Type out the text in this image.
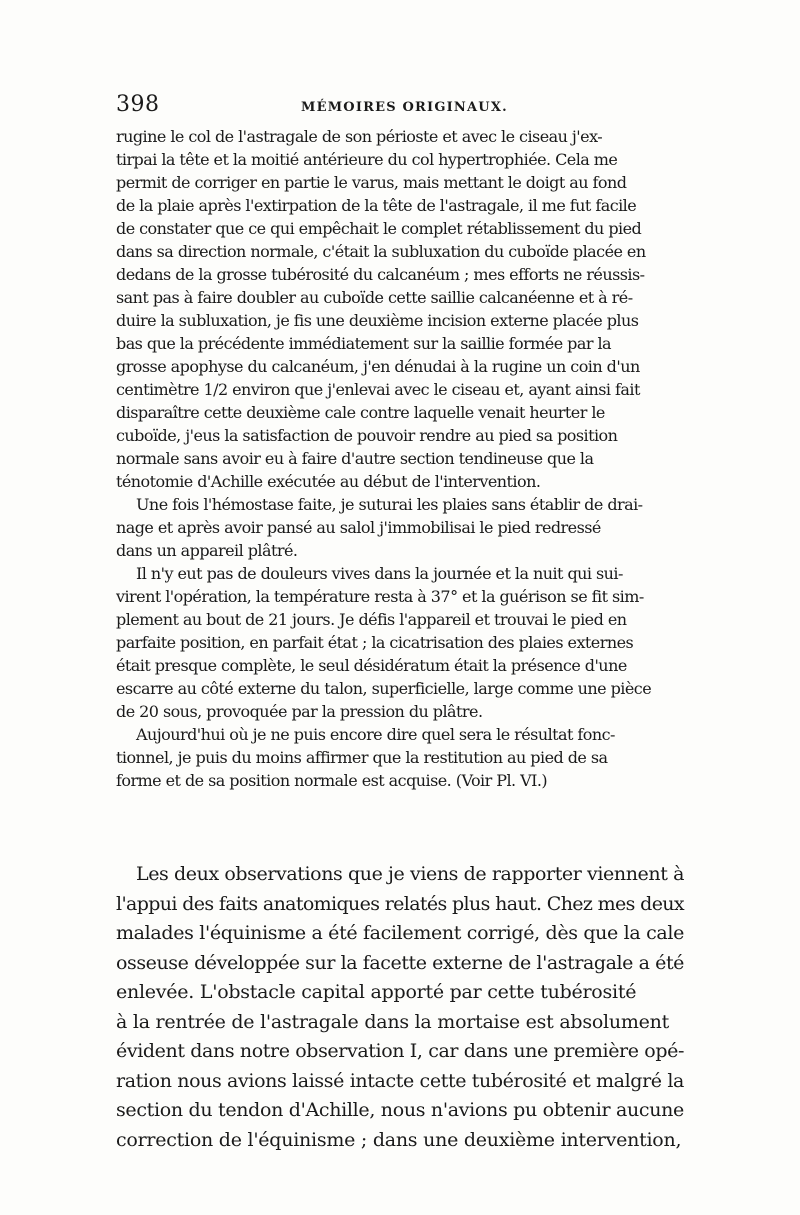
398	MÉMOIRES ORIGINAUX.
rugine le col de l'astragale de son périoste et avec le ciseau j'ex-
tirpai la tête et la moitié antérieure du col hypertrophiée. Cela me
permit de corriger en partie le varus, mais mettant le doigt au fond
de la plaie après l'extirpation de la tête de l'astragale, il me fut facile
de constater que ce qui empêchait le complet rétablissement du pied
dans sa direction normale, c'était la subluxation du cuboïde placée en
dedans de la grosse tubérosité du calcanéum ; mes efforts ne réussis-
sant pas à faire doubler au cuboïde cette saillie calcanéenne et à ré-
duire la subluxation, je fis une deuxième incision externe placée plus
bas que la précédente immédiatement sur la saillie formée par la
grosse apophyse du calcanéum, j'en dénudai à la rugine un coin d'un
centimètre 1/2 environ que j'enlevai avec le ciseau et, ayant ainsi fait
disparaître cette deuxième cale contre laquelle venait heurter le
cuboïde, j'eus la satisfaction de pouvoir rendre au pied sa position
normale sans avoir eu à faire d'autre section tendineuse que la
ténotomie d'Achille exécutée au début de l'intervention.
Une fois l'hémostase faite, je suturai les plaies sans établir de drai-
nage et après avoir pansé au salol j'immobilisai le pied redressé
dans un appareil plâtré.
Il n'y eut pas de douleurs vives dans la journée et la nuit qui sui-
virent l'opération, la température resta à 37° et la guérison se fit sim-
plement au bout de 21 jours. Je défis l'appareil et trouvai le pied en
parfaite position, en parfait état ; la cicatrisation des plaies externes
était presque complète, le seul désidératum était la présence d'une
escarre au côté externe du talon, superficielle, large comme une pièce
de 20 sous, provoquée par la pression du plâtre.
Aujourd'hui où je ne puis encore dire quel sera le résultat fonc-
tionnel, je puis du moins affirmer que la restitution au pied de sa
forme et de sa position normale est acquise. (Voir Pl. VI.)
Les deux observations que je viens de rapporter viennent à
l'appui des faits anatomiques relatés plus haut. Chez mes deux
malades l'équinisme a été facilement corrigé, dès que la cale
osseuse développée sur la facette externe de l'astragale a été
enlevée. L'obstacle capital apporté par cette tubérosité
à la rentrée de l'astragale dans la mortaise est absolument
évident dans notre observation I, car dans une première opé-
ration nous avions laissé intacte cette tubérosité et malgré la
section du tendon d'Achille, nous n'avions pu obtenir aucune
correction de l'équinisme ; dans une deuxième intervention,
